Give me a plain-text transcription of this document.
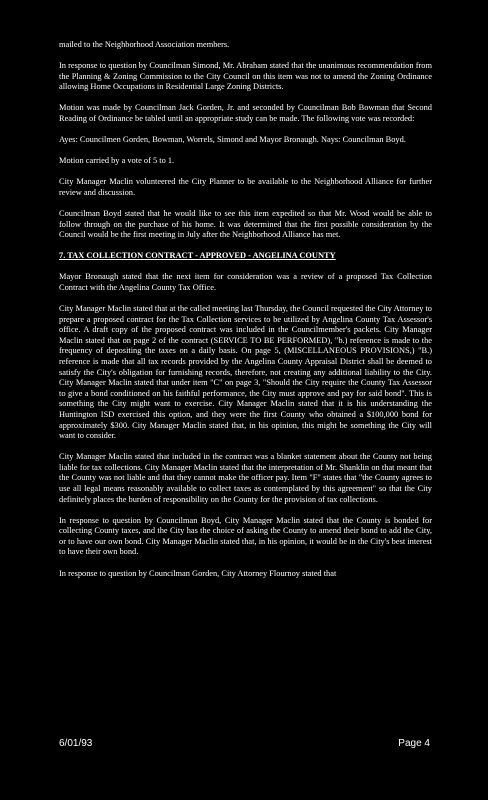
mailed to the Neighborhood Association members.

In response to question by Councilman Simond, Mr. Abraham stated that the unanimous recommendation from the Planning & Zoning Commission to the City Council on this item was not to amend the Zoning Ordinance allowing Home Occupations in Residential Large Zoning Districts.

Motion was made by Councilman Jack Gorden, Jr. and seconded by Councilman Bob Bowman that Second Reading of Ordinance be tabled until an appropriate study can be made. The following vote was recorded:

Ayes: Councilmen Gorden, Bowman, Worrels, Simond and Mayor Bronaugh. Nays: Councilman Boyd.

Motion carried by a vote of 5 to 1.

City Manager Maclin volunteered the City Planner to be available to the Neighborhood Alliance for further review and discussion.

Councilman Boyd stated that he would like to see this item expedited so that Mr. Wood would be able to follow through on the purchase of his home. It was determined that the first possible consideration by the Council would be the first meeting in July after the Neighborhood Alliance has met.

7. TAX COLLECTION CONTRACT - APPROVED - ANGELINA COUNTY

Mayor Bronaugh stated that the next item for consideration was a review of a proposed Tax Collection Contract with the Angelina County Tax Office.

City Manager Maclin stated that at the called meeting last Thursday, the Council requested the City Attorney to prepare a proposed contract for the Tax Collection services to be utilized by Angelina County Tax Assessor's office. A draft copy of the proposed contract was included in the Councilmember's packets. City Manager Maclin stated that on page 2 of the contract (SERVICE TO BE PERFORMED), "b.) reference is made to the frequency of depositing the taxes on a daily basis. On page 5, (MISCELLANEOUS PROVISIONS,) "B.) reference is made that all tax records provided by the Angelina County Appraisal District shall be deemed to satisfy the City's obligation for furnishing records, therefore, not creating any additional liability to the City. City Manager Maclin stated that under item "C" on page 3, "Should the City require the County Tax Assessor to give a bond conditioned on his faithful performance, the City must approve and pay for said bond". This is something the City might want to exercise. City Manager Maclin stated that it is his understanding the Huntington ISD exercised this option, and they were the first County who obtained a $100,000 bond for approximately $300. City Manager Maclin stated that, in his opinion, this might be something the City will want to consider.

City Manager Maclin stated that included in the contract was a blanket statement about the County not being liable for tax collections. City Manager Maclin stated that the interpretation of Mr. Shanklin on that meant that the County was not liable and that they cannot make the officer pay. Item "F" states that "the County agrees to use all legal means reasonably available to collect taxes as contemplated by this agreement" so that the City definitely places the burden of responsibility on the County for the provision of tax collections.

In response to question by Councilman Boyd, City Manager Maclin stated that the County is bonded for collecting County taxes, and the City has the choice of asking the County to amend their bond to add the City, or to have our own bond. City Manager Maclin stated that, in his opinion, it would be in the City's best interest to have their own bond.

In response to question by Councilman Gorden, City Attorney Flournoy stated that

6/01/93	Page 4
